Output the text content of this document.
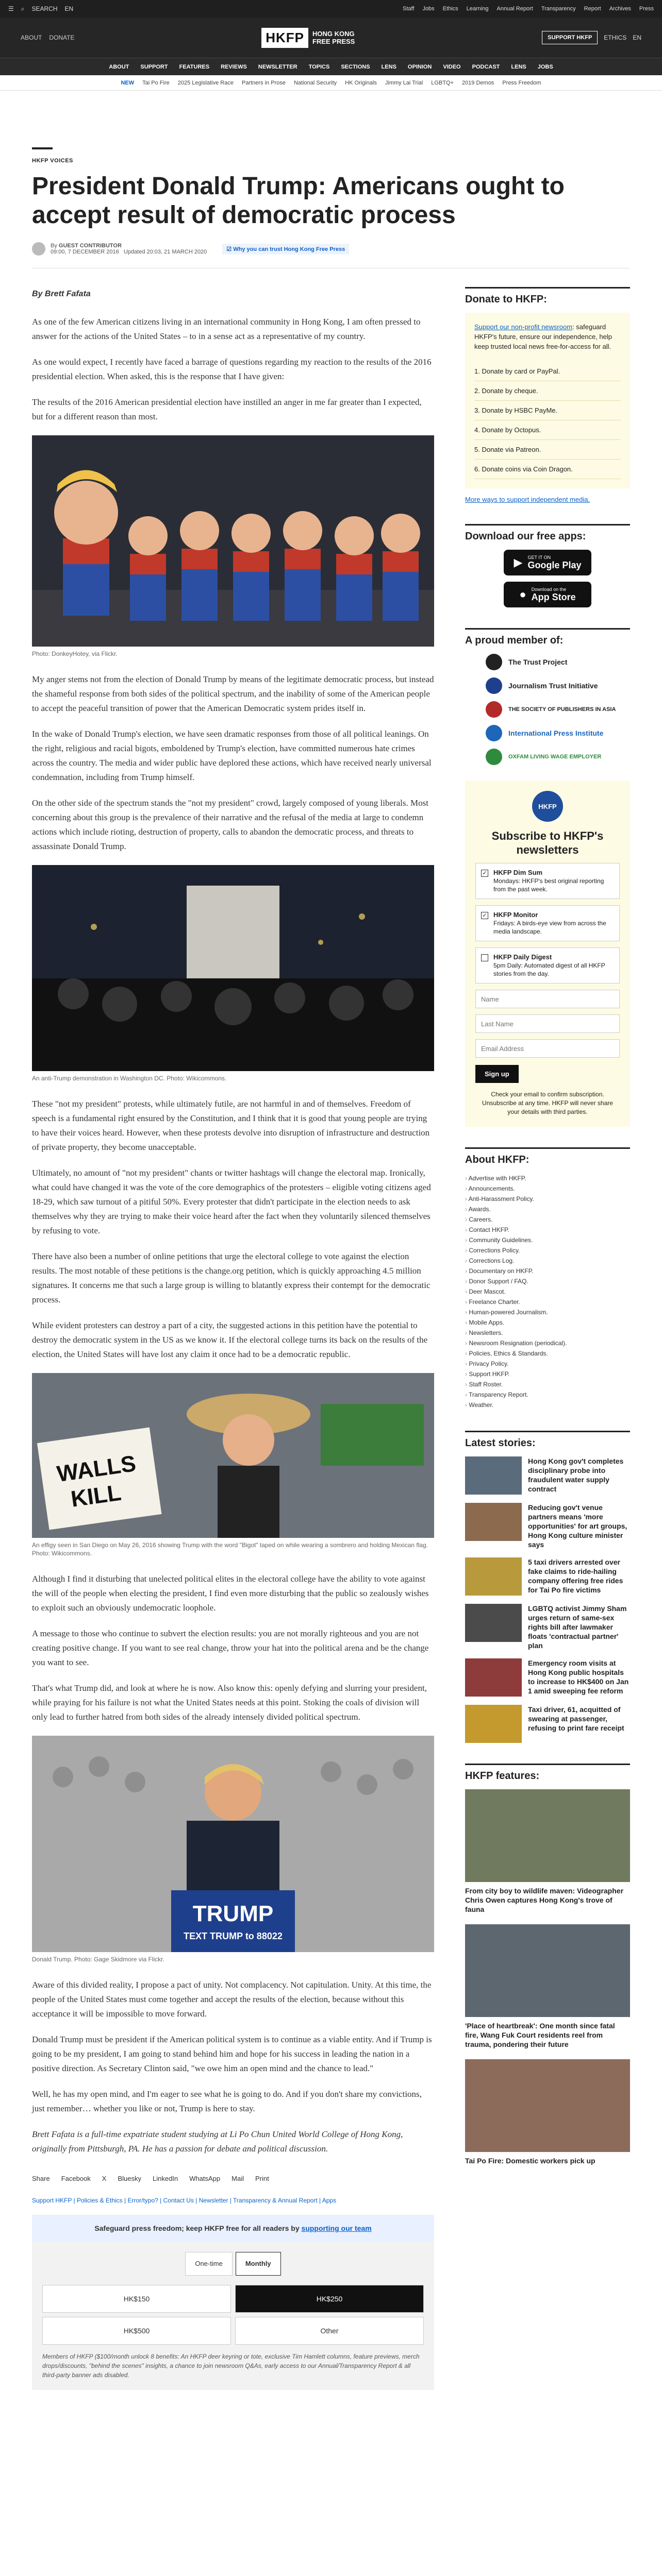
☰ ⌕ SEARCH EN	Staff Jobs Ethics Learning Annual Report Transparency Report Archives Press
ABOUT DONATE	HKFP	HONG KONG
FREE PRESS	SUPPORT HKFP	ETHICS EN
ABOUT SUPPORT FEATURES REVIEWS NEWSLETTER TOPICS SECTIONS LENS OPINION VIDEO PODCAST LENS JOBS
NEW Tai Po Fire 2025 Legislative Race Partners in Prose National Security HK Originals Jimmy Lai Trial LGBTQ+ 2019 Demos Press Freedom
HKFP VOICES
President Donald Trump: Americans ought to accept result of democratic process
By GUEST CONTRIBUTOR
09:00, 7 DECEMBER 2016 Updated 20:03, 21 MARCH 2020	☑ Why you can trust Hong Kong Free Press
By Brett Fafata

As one of the few American citizens living in an international community in Hong Kong, I am often pressed to answer for the actions of the United States – to in a sense act as a representative of my country.

As one would expect, I recently have faced a barrage of questions regarding my reaction to the results of the 2016 presidential election. When asked, this is the response that I have given:

The results of the 2016 American presidential election have instilled an anger in me far greater than I expected, but for a different reason than most.

Photo: DonkeyHotey, via Flickr.

My anger stems not from the election of Donald Trump by means of the legitimate democratic process, but instead the shameful response from both sides of the political spectrum, and the inability of some of the American people to accept the peaceful transition of power that the American Democratic system prides itself in.

In the wake of Donald Trump's election, we have seen dramatic responses from those of all political leanings. On the right, religious and racial bigots, emboldened by Trump's election, have committed numerous hate crimes across the country. The media and wider public have deplored these actions, which have received nearly universal condemnation, including from Trump himself.

On the other side of the spectrum stands the "not my president" crowd, largely composed of young liberals. Most concerning about this group is the prevalence of their narrative and the refusal of the media at large to condemn actions which include rioting, destruction of property, calls to abandon the democratic process, and threats to assassinate Donald Trump.

An anti-Trump demonstration in Washington DC. Photo: Wikicommons.

These "not my president" protests, while ultimately futile, are not harmful in and of themselves. Freedom of speech is a fundamental right ensured by the Constitution, and I think that it is good that young people are trying to have their voices heard. However, when these protests devolve into disruption of infrastructure and destruction of private property, they become unacceptable.

Ultimately, no amount of "not my president" chants or twitter hashtags will change the electoral map. Ironically, what could have changed it was the vote of the core demographics of the protesters – eligible voting citizens aged 18-29, which saw turnout of a pitiful 50%. Every protester that didn't participate in the election needs to ask themselves why they are trying to make their voice heard after the fact when they voluntarily silenced themselves by refusing to vote.

There have also been a number of online petitions that urge the electoral college to vote against the election results. The most notable of these petitions is the change.org petition, which is quickly approaching 4.5 million signatures. It concerns me that such a large group is willing to blatantly express their contempt for the democratic process.

While evident protesters can destroy a part of a city, the suggested actions in this petition have the potential to destroy the democratic system in the US as we know it. If the electoral college turns its back on the results of the election, the United States will have lost any claim it once had to be a democratic republic.

WALLS
KILL
An effigy seen in San Diego on May 26, 2016 showing Trump with the word "Bigot" taped on while wearing a sombrero and holding Mexican flag. Photo: Wikicommons.

Although I find it disturbing that unelected political elites in the electoral college have the ability to vote against the will of the people when electing the president, I find even more disturbing that the public so zealously wishes to exploit such an obviously undemocratic loophole.

A message to those who continue to subvert the election results: you are not morally righteous and you are not creating positive change. If you want to see real change, throw your hat into the political arena and be the change you want to see.

That's what Trump did, and look at where he is now. Also know this: openly defying and slurring your president, while praying for his failure is not what the United States needs at this point. Stoking the coals of division will only lead to further hatred from both sides of the already intensely divided political spectrum.

TRUMP
TEXT TRUMP to 88022
Donald Trump. Photo: Gage Skidmore via Flickr.

Aware of this divided reality, I propose a pact of unity. Not complacency. Not capitulation. Unity. At this time, the people of the United States must come together and accept the results of the election, because without this acceptance it will be impossible to move forward.

Donald Trump must be president if the American political system is to continue as a viable entity. And if Trump is going to be my president, I am going to stand behind him and hope for his success in leading the nation in a positive direction. As Secretary Clinton said, "we owe him an open mind and the chance to lead."

Well, he has my open mind, and I'm eager to see what he is going to do. And if you don't share my convictions, just remember… whether you like or not, Trump is here to stay.

Brett Fafata is a full-time expatriate student studying at Li Po Chun United World College of Hong Kong, originally from Pittsburgh, PA. He has a passion for debate and political discussion.

Share Facebook X Bluesky LinkedIn WhatsApp Mail Print
Support HKFP | Policies & Ethics | Error/typo? | Contact Us | Newsletter | Transparency & Annual Report | Apps
Safeguard press freedom; keep HKFP free for all readers by supporting our team
One-time	Monthly
HK$150	HK$250
HK$500	Other
Members of HKFP ($100/month unlock 8 benefits: An HKFP deer keyring or tote, exclusive Tim Hamlett columns, feature previews, merch drops/discounts, "behind the scenes" insights, a chance to join newsroom Q&As, early access to our Annual/Transparency Report & all third-party banner ads disabled.
Donate to HKFP:
Support our non-profit newsroom: safeguard HKFP's future, ensure our independence, help keep trusted local news free-for-access for all.
1. Donate by card or PayPal.
2. Donate by cheque.
3. Donate by HSBC PayMe.
4. Donate by Octopus.
5. Donate via Patreon.
6. Donate coins via Coin Dragon.
More ways to support independent media.
Download our free apps:
▶ GET IT ON
Google Play
● Download on the
App Store
A proud member of:
The Trust Project
Journalism Trust Initiative
THE SOCIETY OF PUBLISHERS IN ASIA
International Press Institute
OXFAM LIVING WAGE EMPLOYER
HKFP
Subscribe to HKFP's newsletters
✓ HKFP Dim Sum
Mondays: HKFP's best original reporting from the past week.
✓ HKFP Monitor
Fridays: A birds-eye view from across the media landscape.
HKFP Daily Digest
5pm Daily: Automated digest of all HKFP stories from the day.
Name Last Name Email Address
Sign up
Check your email to confirm subscription. Unsubscribe at any time. HKFP will never share your details with third parties.
About HKFP:
› Advertise with HKFP.
› Announcements.
› Anti-Harassment Policy.
› Awards.
› Careers.
› Contact HKFP.
› Community Guidelines.
› Corrections Policy.
› Corrections Log.
› Documentary on HKFP.
› Donor Support / FAQ.
› Deer Mascot.
› Freelance Charter.
› Human-powered Journalism.
› Mobile Apps.
› Newsletters.
› Newsroom Resignation (periodical).
› Policies, Ethics & Standards.
› Privacy Policy.
› Support HKFP.
› Staff Roster.
› Transparency Report.
› Weather.
Latest stories:
Hong Kong gov't completes disciplinary probe into fraudulent water supply contract
Reducing gov't venue partners means 'more opportunities' for art groups, Hong Kong culture minister says
5 taxi drivers arrested over fake claims to ride-hailing company offering free rides for Tai Po fire victims
LGBTQ activist Jimmy Sham urges return of same-sex rights bill after lawmaker floats 'contractual partner' plan
Emergency room visits at Hong Kong public hospitals to increase to HK$400 on Jan 1 amid sweeping fee reform
Taxi driver, 61, acquitted of swearing at passenger, refusing to print fare receipt
HKFP features:
From city boy to wildlife maven: Videographer Chris Owen captures Hong Kong's trove of fauna
'Place of heartbreak': One month since fatal fire, Wang Fuk Court residents reel from trauma, pondering their future
Tai Po Fire: Domestic workers pick up
